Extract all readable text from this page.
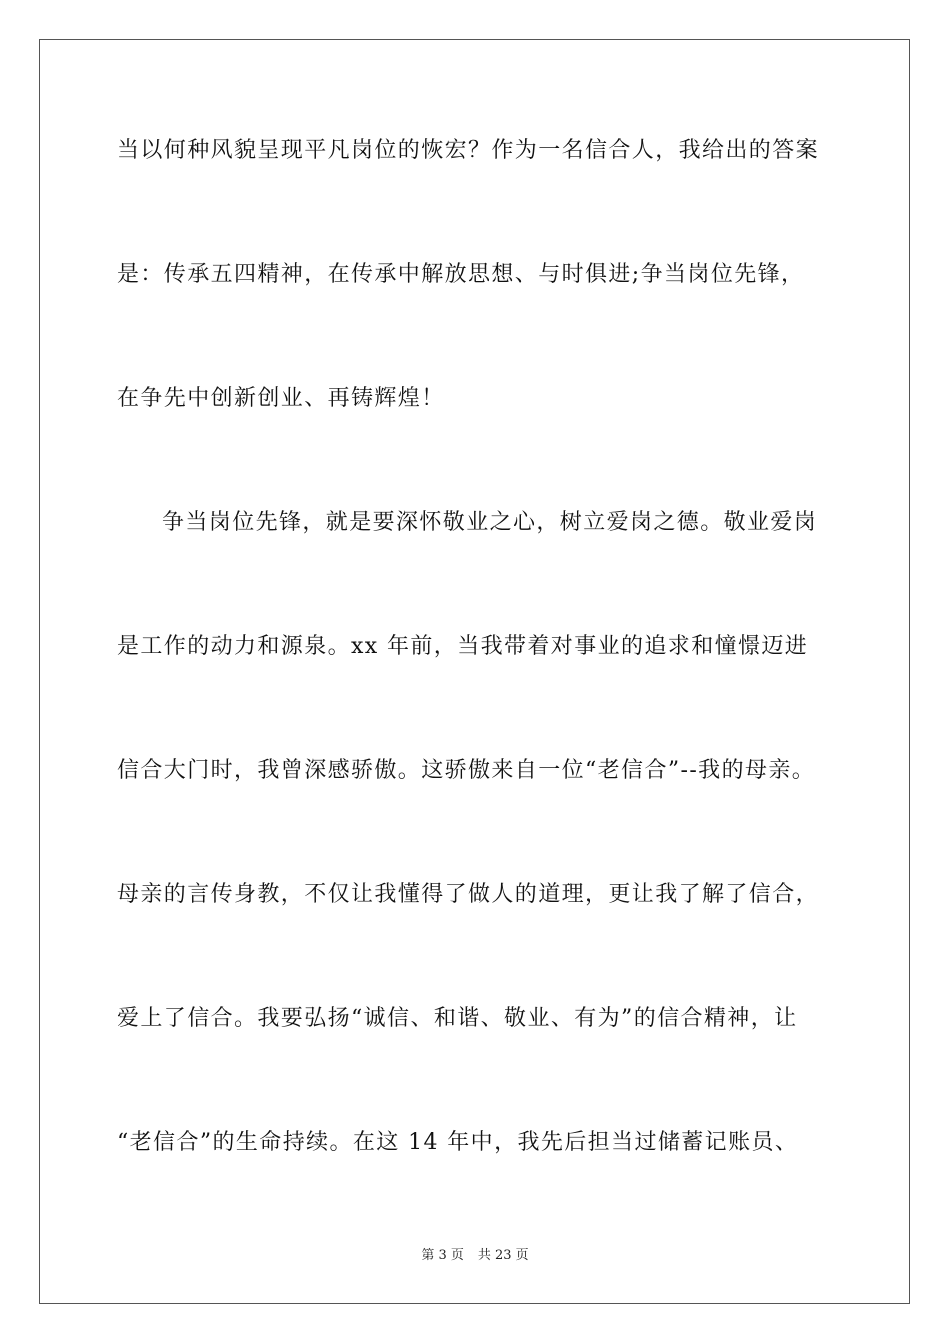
当以何种风貌呈现平凡岗位的恢宏？作为一名信合人，我给出的答案
是：传承五四精神，在传承中解放思想、与时俱进;争当岗位先锋，
在争先中创新创业、再铸辉煌！
争当岗位先锋，就是要深怀敬业之心，树立爱岗之德。敬业爱岗
是工作的动力和源泉。xx 年前，当我带着对事业的追求和憧憬迈进
信合大门时，我曾深感骄傲。这骄傲来自一位“老信合”--我的母亲。
母亲的言传身教，不仅让我懂得了做人的道理，更让我了解了信合，
爱上了信合。我要弘扬“诚信、和谐、敬业、有为”的信合精神，让
“老信合”的生命持续。在这 14 年中，我先后担当过储蓄记账员、
第 3 页 共 23 页
